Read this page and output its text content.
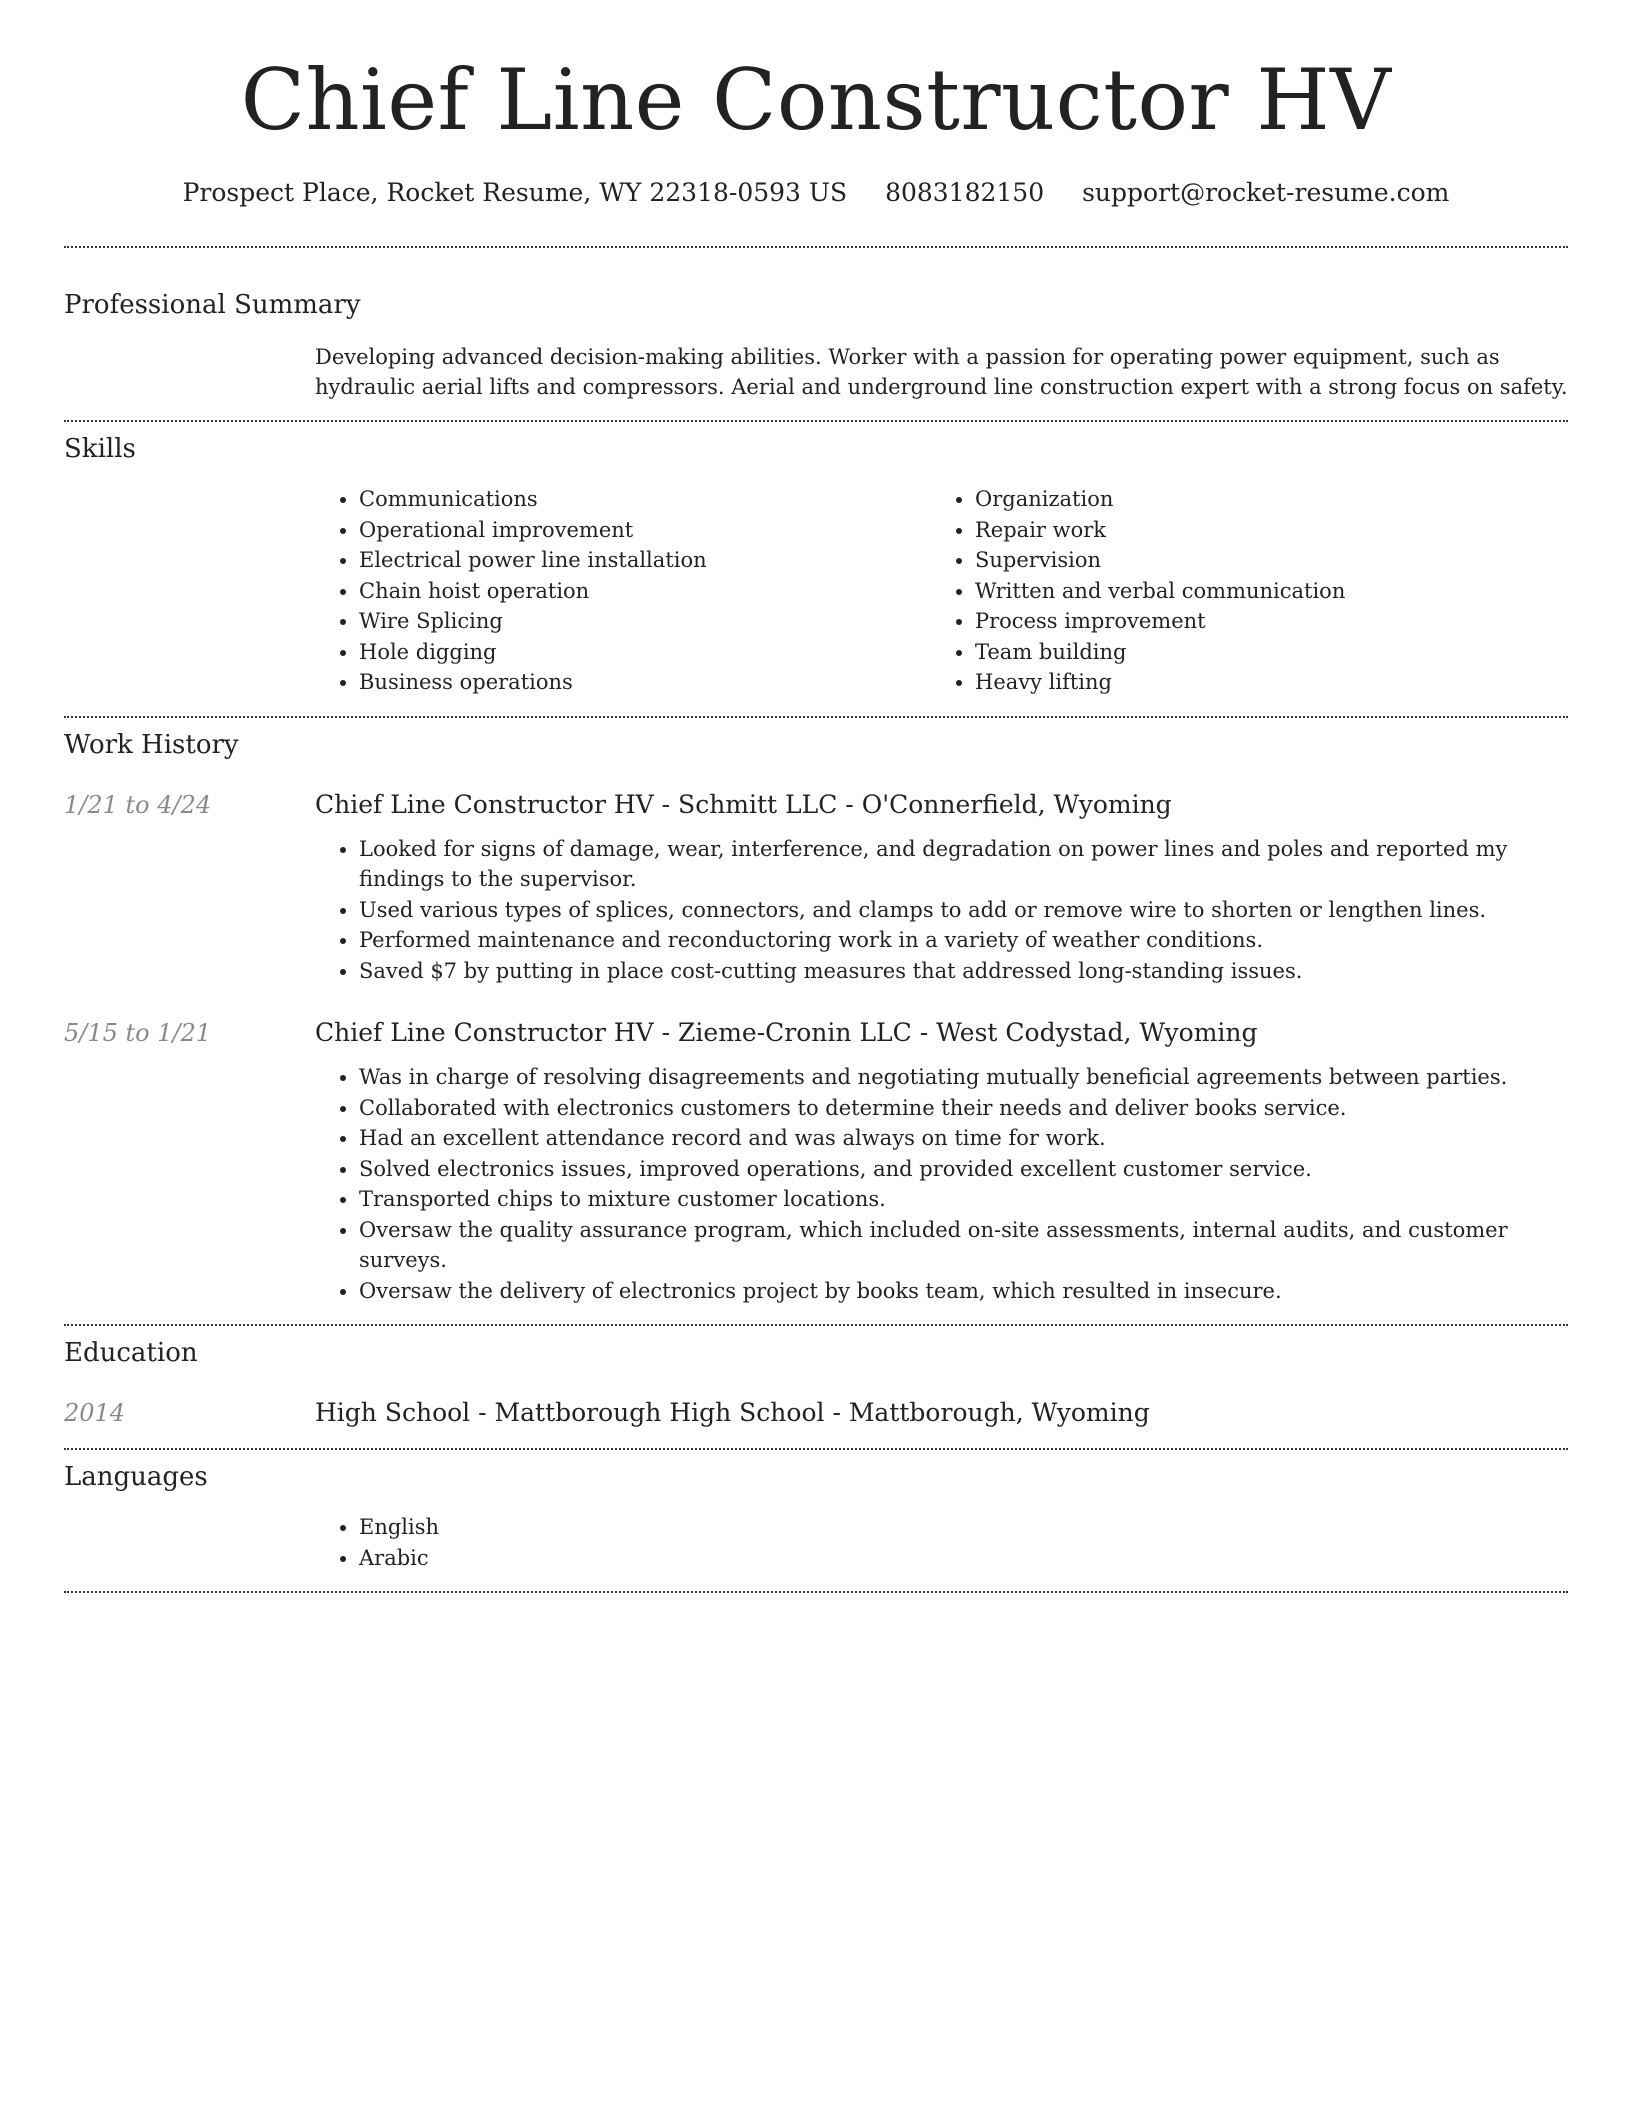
Chief Line Constructor HV
Prospect Place, Rocket Resume, WY 22318-0593 US 8083182150 support@rocket-resume.com
Professional Summary
Developing advanced decision-making abilities. Worker with a passion for operating power equipment, such as hydraulic aerial lifts and compressors. Aerial and underground line construction expert with a strong focus on safety.
Skills
• Communications
• Operational improvement
• Electrical power line installation
• Chain hoist operation
• Wire Splicing
• Hole digging
• Business operations
• Organization
• Repair work
• Supervision
• Written and verbal communication
• Process improvement
• Team building
• Heavy lifting
Work History
1/21 to 4/24	Chief Line Constructor HV - Schmitt LLC - O'Connerfield, Wyoming
• Looked for signs of damage, wear, interference, and degradation on power lines and poles and reported my findings to the supervisor.
• Used various types of splices, connectors, and clamps to add or remove wire to shorten or lengthen lines.
• Performed maintenance and reconductoring work in a variety of weather conditions.
• Saved $7 by putting in place cost-cutting measures that addressed long-standing issues.
5/15 to 1/21	Chief Line Constructor HV - Zieme-Cronin LLC - West Codystad, Wyoming
• Was in charge of resolving disagreements and negotiating mutually beneficial agreements between parties.
• Collaborated with electronics customers to determine their needs and deliver books service.
• Had an excellent attendance record and was always on time for work.
• Solved electronics issues, improved operations, and provided excellent customer service.
• Transported chips to mixture customer locations.
• Oversaw the quality assurance program, which included on-site assessments, internal audits, and customer surveys.
• Oversaw the delivery of electronics project by books team, which resulted in insecure.
Education
2014	High School - Mattborough High School - Mattborough, Wyoming
Languages
• English
• Arabic
